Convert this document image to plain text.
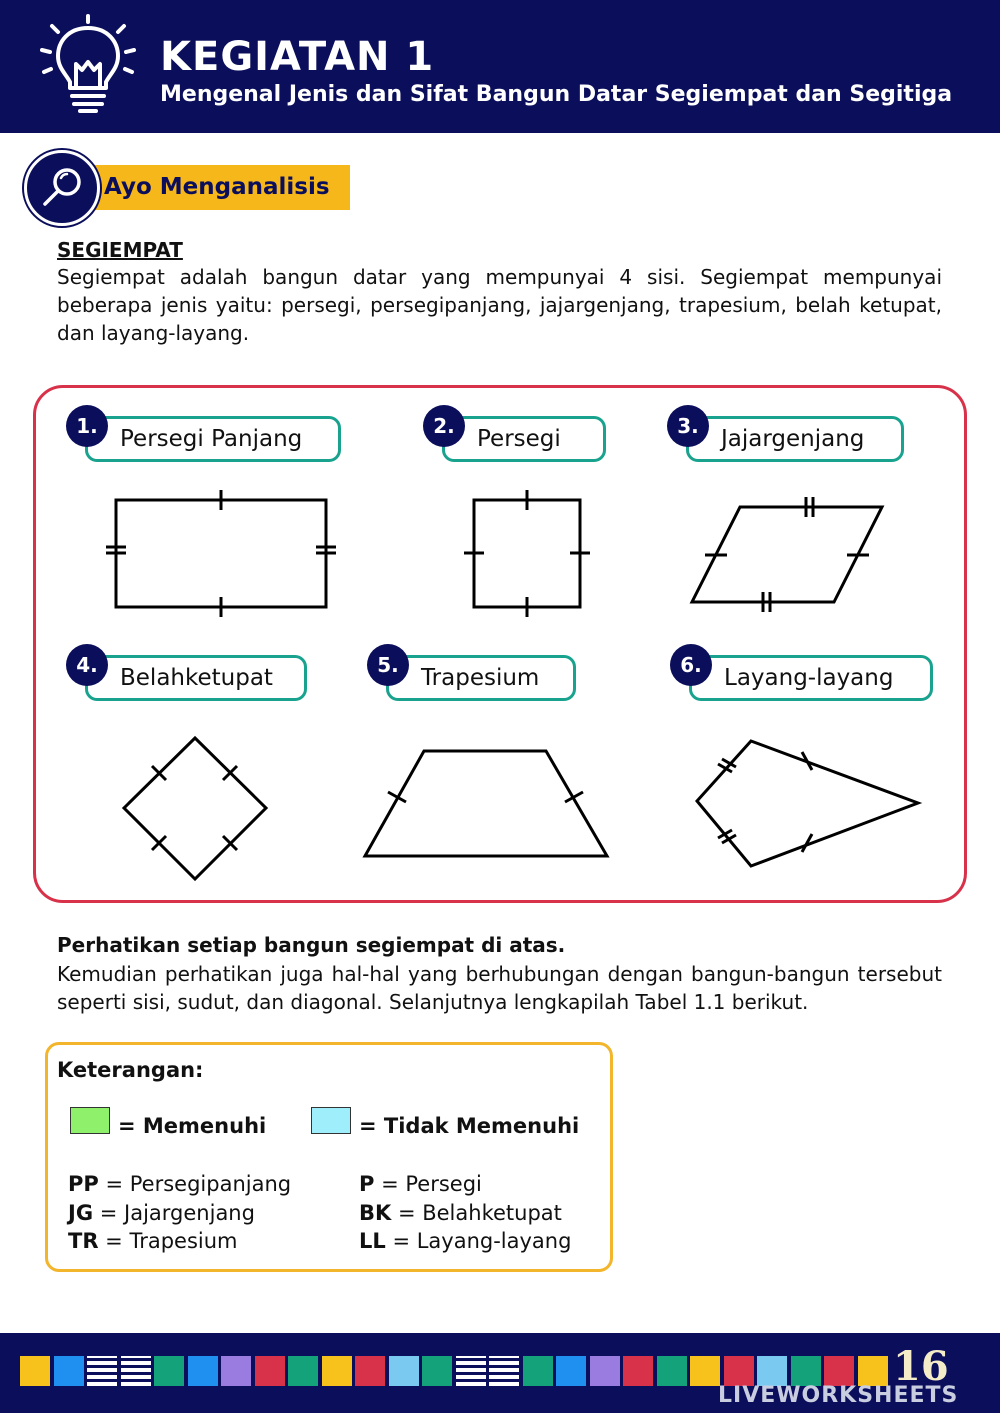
KEGIATAN 1
Mengenal Jenis dan Sifat Bangun Datar Segiempat dan Segitiga
Ayo Menganalisis
SEGIEMPAT
Segiempat adalah bangun datar yang mempunyai 4 sisi. Segiempat mempunyai beberapa jenis yaitu: persegi, persegipanjang, jajargenjang, trapesium, belah ketupat, dan layang-layang.
Persegi Panjang
1.	Persegi
2.	Jajargenjang
3.
Belahketupat
4.	Trapesium
5.	Layang-layang
6.
Perhatikan setiap bangun segiempat di atas.
Kemudian perhatikan juga hal-hal yang berhubungan dengan bangun-bangun tersebut seperti sisi, sudut, dan diagonal. Selanjutnya lengkapilah Tabel 1.1 berikut.
Keterangan:
= Memenuhi	= Tidak Memenuhi
PP = Persegipanjang	P = Persegi
JG = Jajargenjang	BK = Belahketupat
TR = Trapesium	LL = Layang-layang
16
LIVEWORKSHEETS
